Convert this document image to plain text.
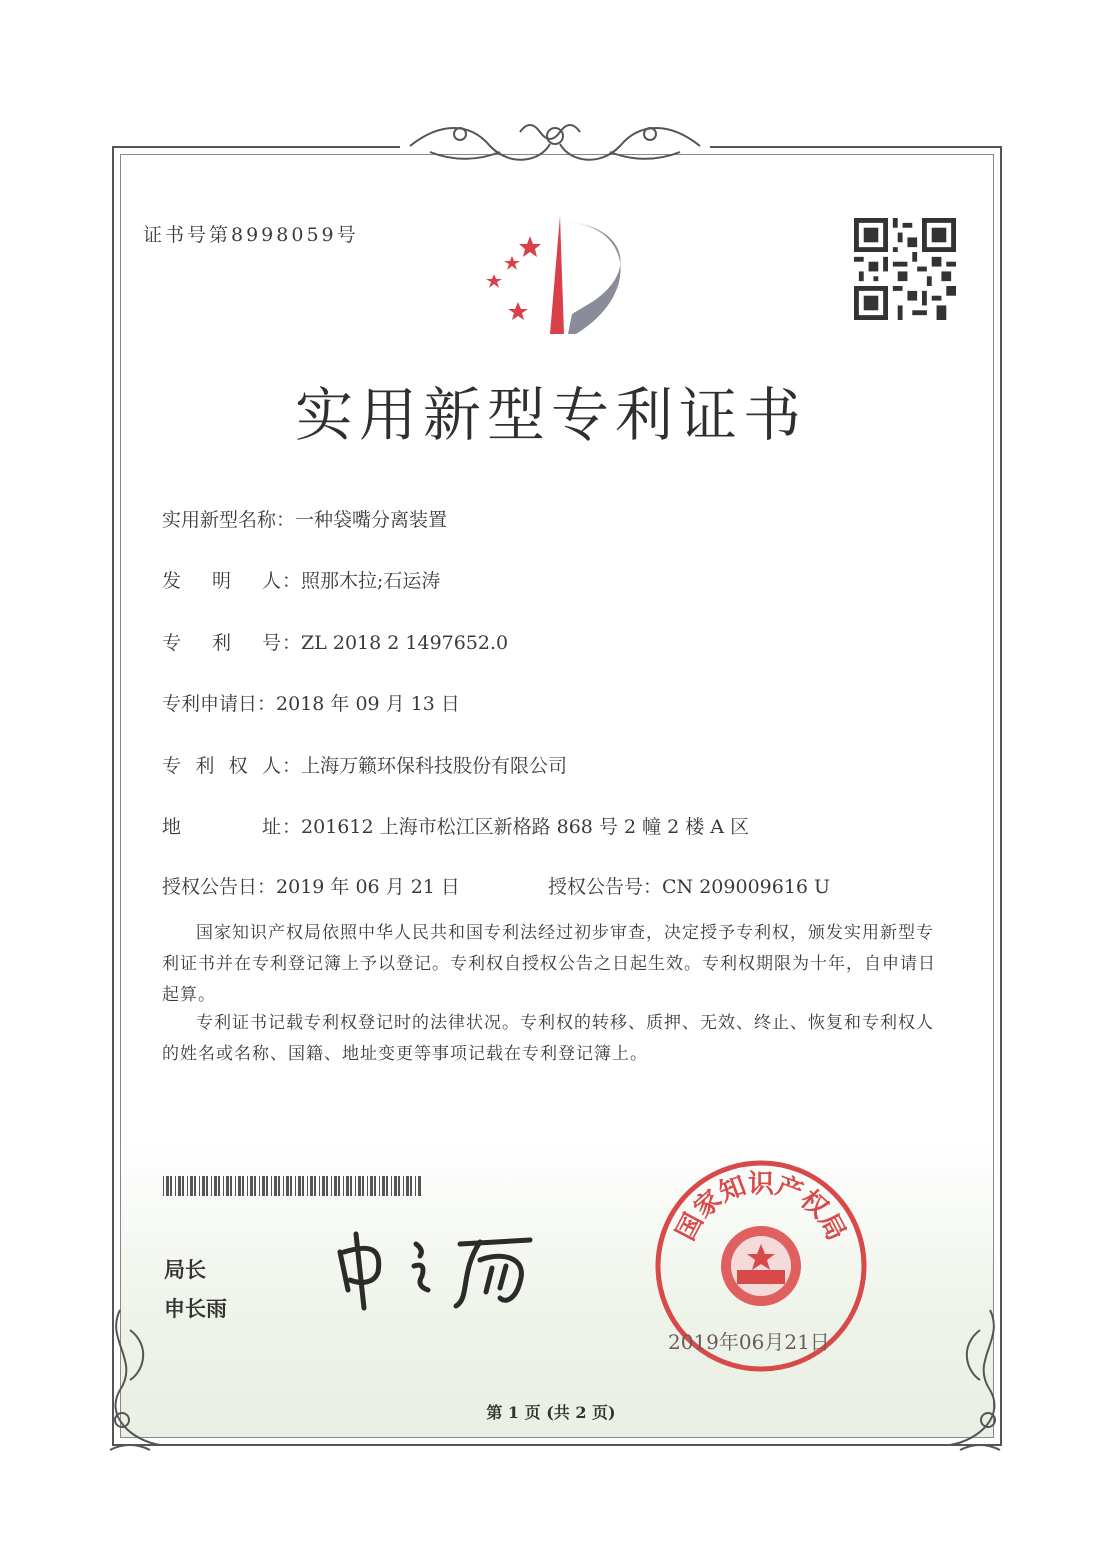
证书号第8998059号
实用新型专利证书
实用新型名称：一种袋嘴分离装置
发明人：照那木拉;石运涛
专利号：ZL 2018 2 1497652.0
专利申请日：2018 年 09 月 13 日
专利权人：上海万籁环保科技股份有限公司
地址：201612 上海市松江区新格路 868 号 2 幢 2 楼 A 区
授权公告日：2019 年 06 月 21 日	授权公告号：CN 209009616 U
国家知识产权局依照中华人民共和国专利法经过初步审查，决定授予专利权，颁发实用新型专利证书并在专利登记簿上予以登记。专利权自授权公告之日起生效。专利权期限为十年，自申请日起算。
专利证书记载专利权登记时的法律状况。专利权的转移、质押、无效、终止、恢复和专利权人的姓名或名称、国籍、地址变更等事项记载在专利登记簿上。
局长
申长雨
国家知识产权局
2019年06月21日
第 1 页 (共 2 页)
